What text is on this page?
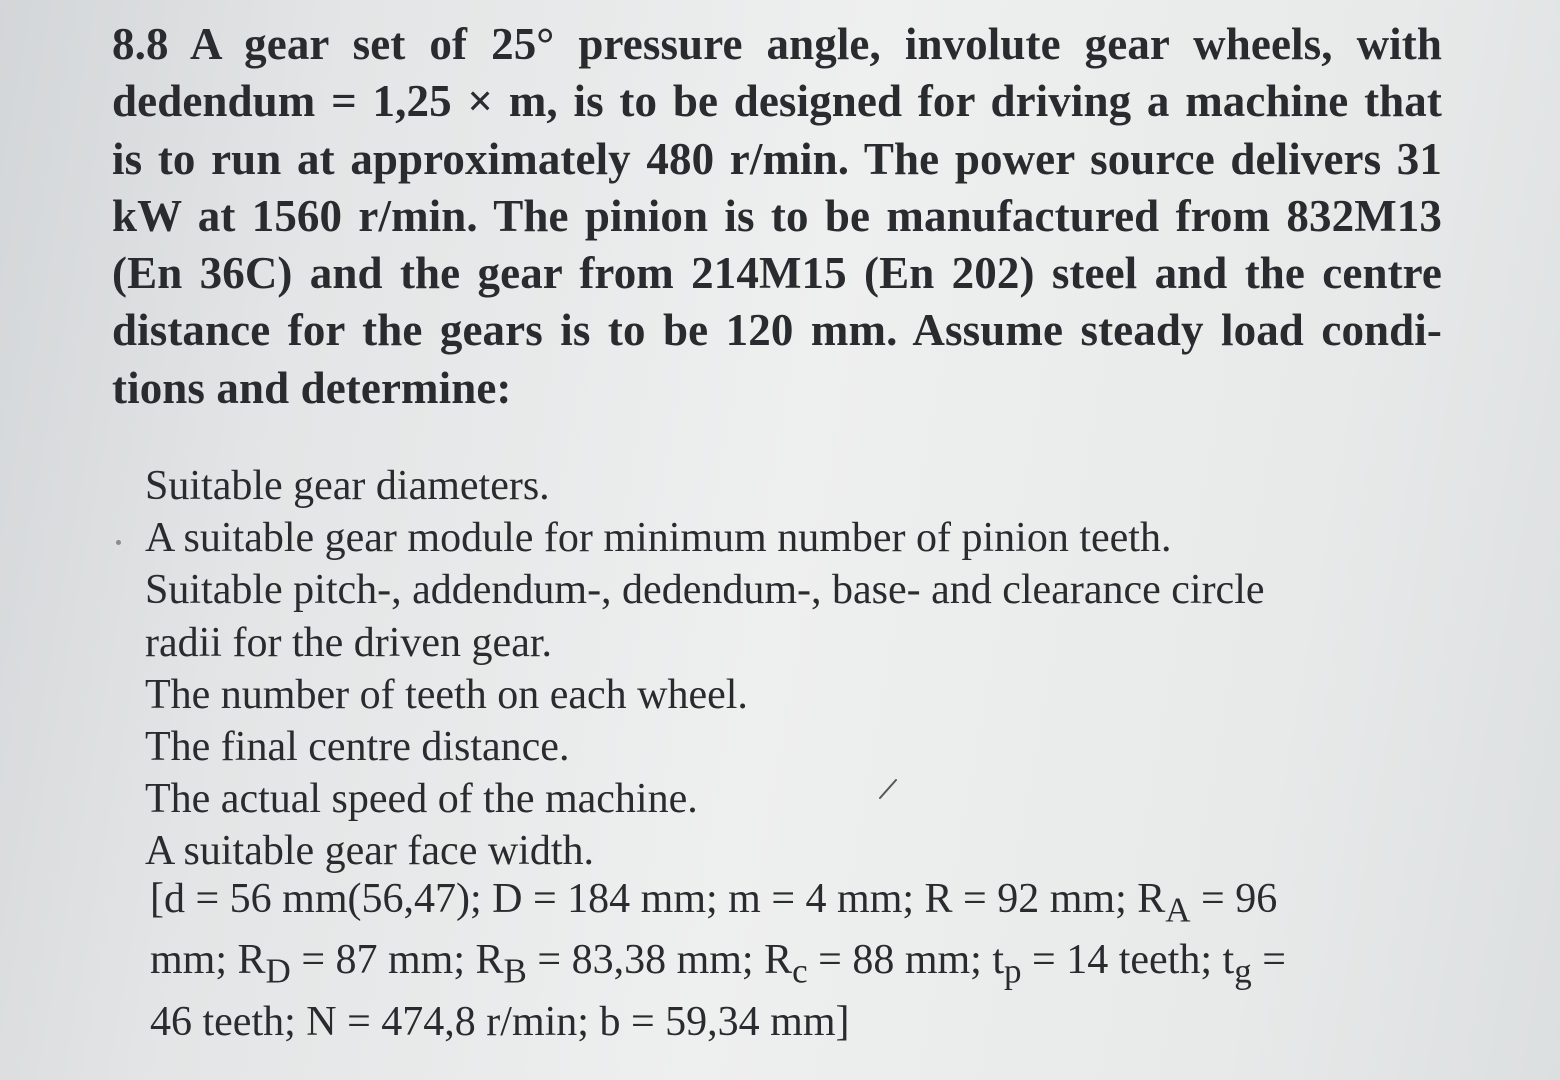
8.8 A gear set of 25° pressure angle, involute gear wheels, with
dedendum = 1,25 × m, is to be designed for driving a machine that
is to run at approximately 480 r/min. The power source delivers 31
kW at 1560 r/min. The pinion is to be manufactured from 832M13
(En 36C) and the gear from 214M15 (En 202) steel and the centre
distance for the gears is to be 120 mm. Assume steady load condi-
tions and determine:
Suitable gear diameters.
A suitable gear module for minimum number of pinion teeth.
Suitable pitch-, addendum-, dedendum-, base- and clearance circle
radii for the driven gear.
The number of teeth on each wheel.
The final centre distance.
The actual speed of the machine.
A suitable gear face width.
[d = 56 mm(56,47); D = 184 mm; m = 4 mm; R = 92 mm; $R_A = 96$
mm; $R_D = 87$ mm; $R_B = 83,38$ mm; $R_c = 88$ mm; $t_p = 14$ teeth; $t_g$ =
46 teeth; N = 474,8 r/min; b = 59,34 mm]
